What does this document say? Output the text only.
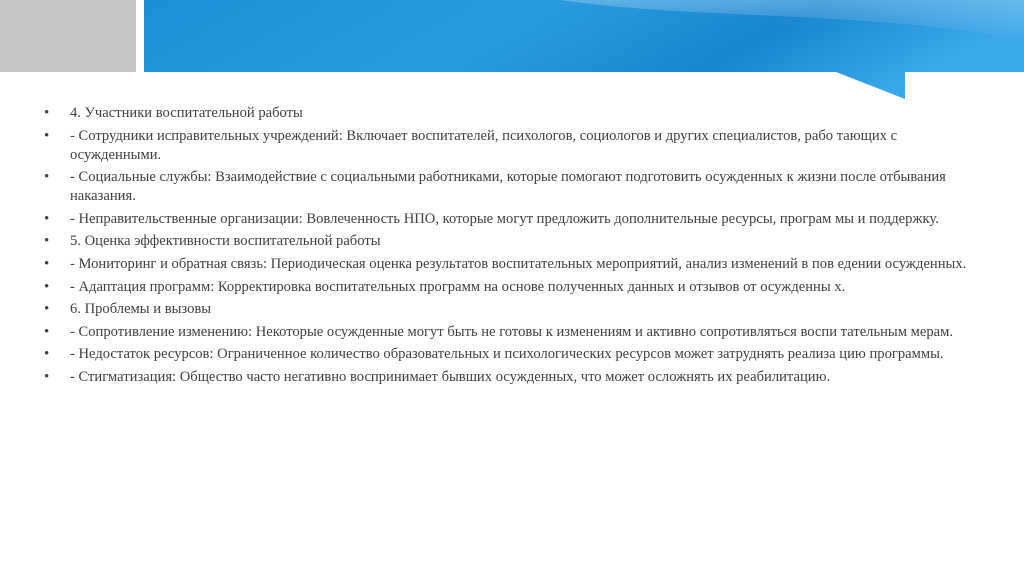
• 4. Участники воспитательной работы
• - Сотрудники исправительных учреждений: Включает воспитателей, психологов, социологов и других специалистов, рабо тающих с осужденными.
• - Социальные службы: Взаимодействие с социальными работниками, которые помогают подготовить осужденных к жизни после отбывания наказания.
• - Неправительственные организации: Вовлеченность НПО, которые могут предложить дополнительные ресурсы, програм мы и поддержку.
• 5. Оценка эффективности воспитательной работы
• - Мониторинг и обратная связь: Периодическая оценка результатов воспитательных мероприятий, анализ изменений в пов едении осужденных.
• - Адаптация программ: Корректировка воспитательных программ на основе полученных данных и отзывов от осужденны х.
• 6. Проблемы и вызовы
• - Сопротивление изменению: Некоторые осужденные могут быть не готовы к изменениям и активно сопротивляться воспи тательным мерам.
• - Недостаток ресурсов: Ограниченное количество образовательных и психологических ресурсов может затруднять реализа цию программы.
• - Стигматизация: Общество часто негативно воспринимает бывших осужденных, что может осложнять их реабилитацию.
